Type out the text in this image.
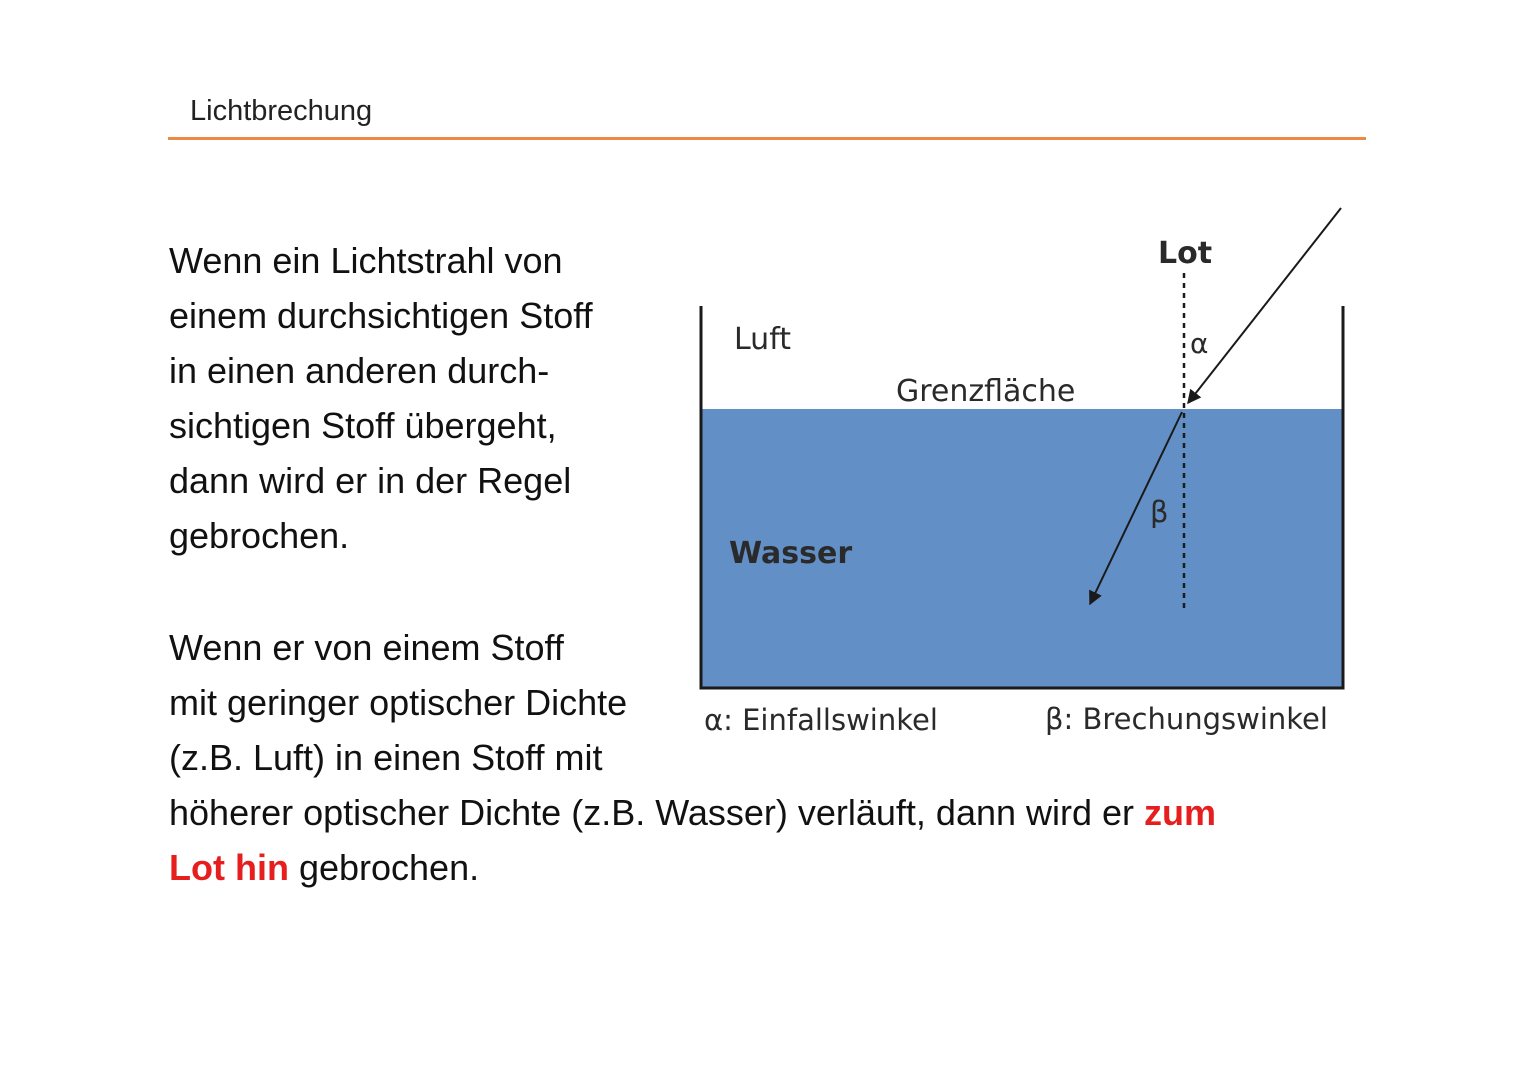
Lichtbrechung
Wenn ein Lichtstrahl von
einem durchsichtigen Stoff
in einen anderen durch-
sichtigen Stoff übergeht,
dann wird er in der Regel
gebrochen.
Wenn er von einem Stoff
mit geringer optischer Dichte
(z.B. Luft) in einen Stoff mit
höherer optischer Dichte (z.B. Wasser) verläuft, dann wird er zum
Lot hin gebrochen.
Lot
Luft	α
Grenzfläche
β
Wasser
α: Einfallswinkel	β: Brechungswinkel
